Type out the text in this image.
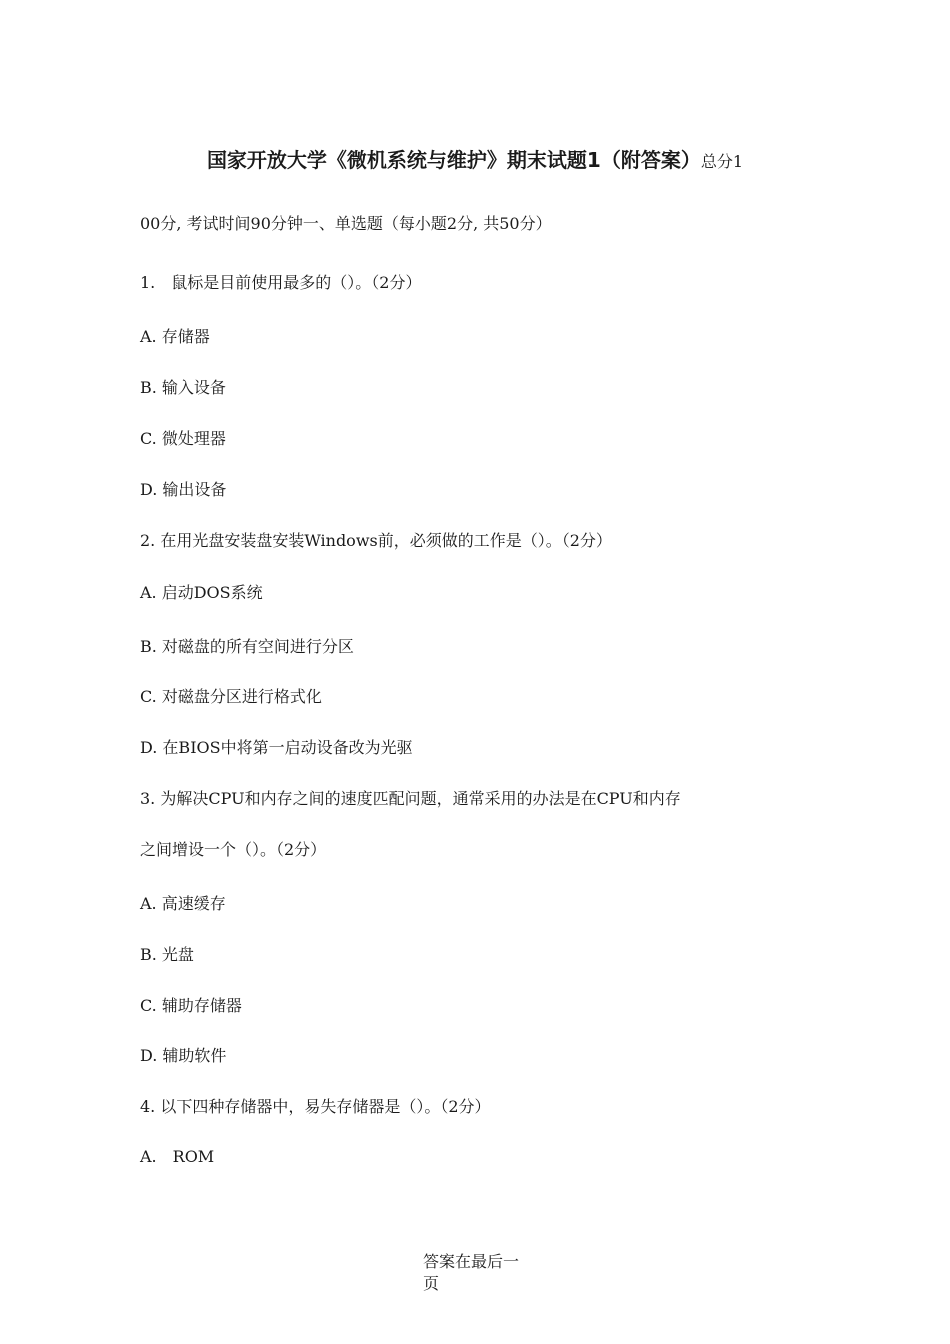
国家开放大学《微机系统与维护》期末试题1（附答案）总分1
00分, 考试时间90分钟一、单选题（每小题2分, 共50分）
1.　鼠标是目前使用最多的（）。（2分）
A. 存储器
B. 输入设备
C. 微处理器
D. 输出设备
2. 在用光盘安装盘安装Windows前，必须做的工作是（）。（2分）
A. 启动DOS系统
B. 对磁盘的所有空间进行分区
C. 对磁盘分区进行格式化
D. 在BIOS中将第一启动设备改为光驱
3. 为解决CPU和内存之间的速度匹配问题，通常采用的办法是在CPU和内存
之间增设一个（）。（2分）
A. 高速缓存
B. 光盘
C. 辅助存储器
D. 辅助软件
4. 以下四种存储器中，易失存储器是（）。（2分）
A.　ROM
答案在最后一页
